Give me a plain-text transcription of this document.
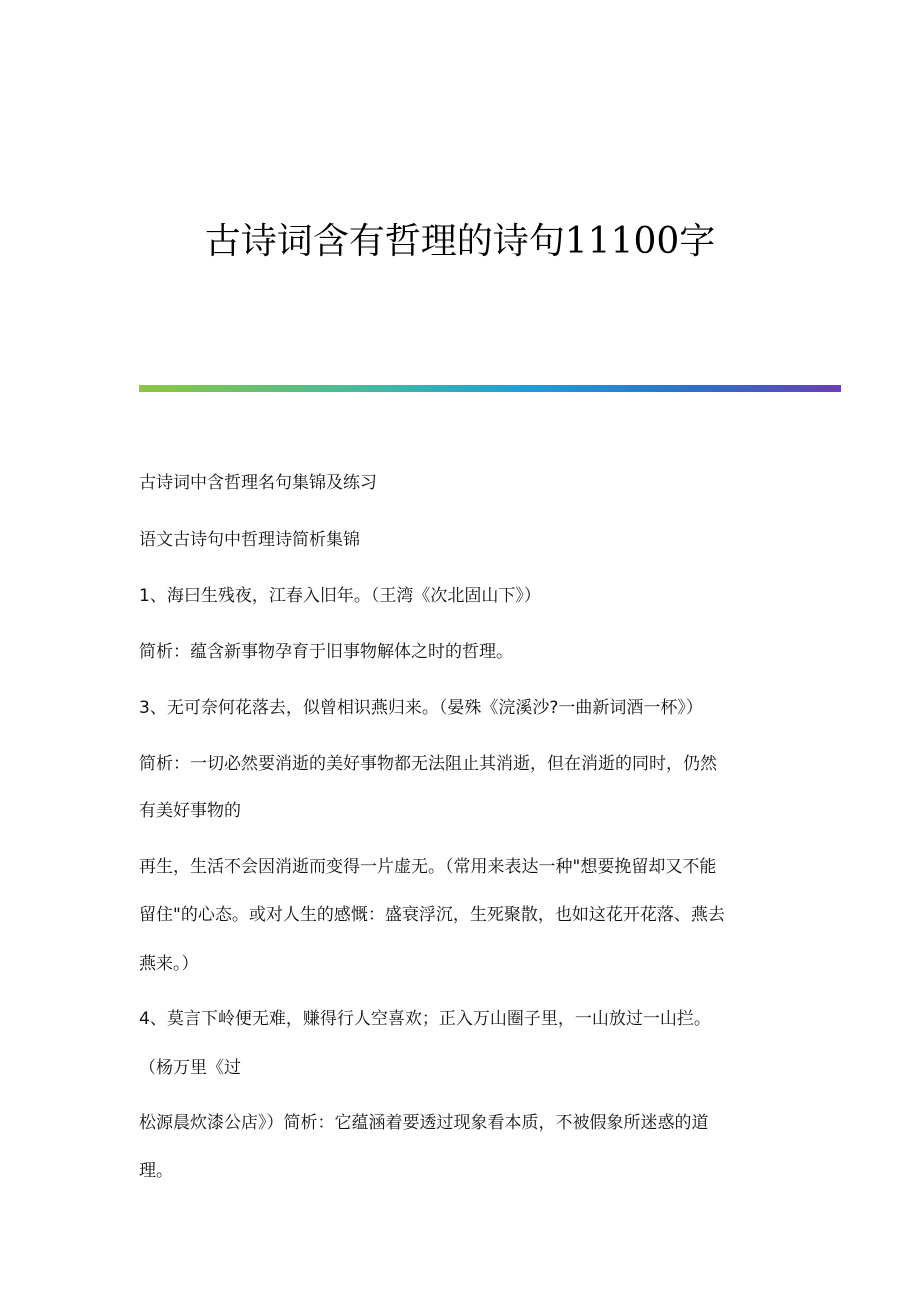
古诗词含有哲理的诗句11100字
古诗词中含哲理名句集锦及练习
语文古诗句中哲理诗简析集锦
1、海曰生残夜，江春入旧年。（王湾《次北固山下》）
简析：蕴含新事物孕育于旧事物解体之时的哲理。
3、无可奈何花落去，似曾相识燕归来。（晏殊《浣溪沙?一曲新词酒一杯》）
简析：一切必然要消逝的美好事物都无法阻止其消逝，但在消逝的同时，仍然
有美好事物的
再生，生活不会因消逝而变得一片虚无。（常用来表达一种"想要挽留却又不能
留住"的心态。或对人生的感慨：盛衰浮沉，生死聚散，也如这花开花落、燕去
燕来。）
4、莫言下岭便无难，赚得行人空喜欢；正入万山圈子里，一山放过一山拦。
（杨万里《过
松源晨炊漆公店》）简析：它蕴涵着要透过现象看本质，不被假象所迷惑的道
理。
